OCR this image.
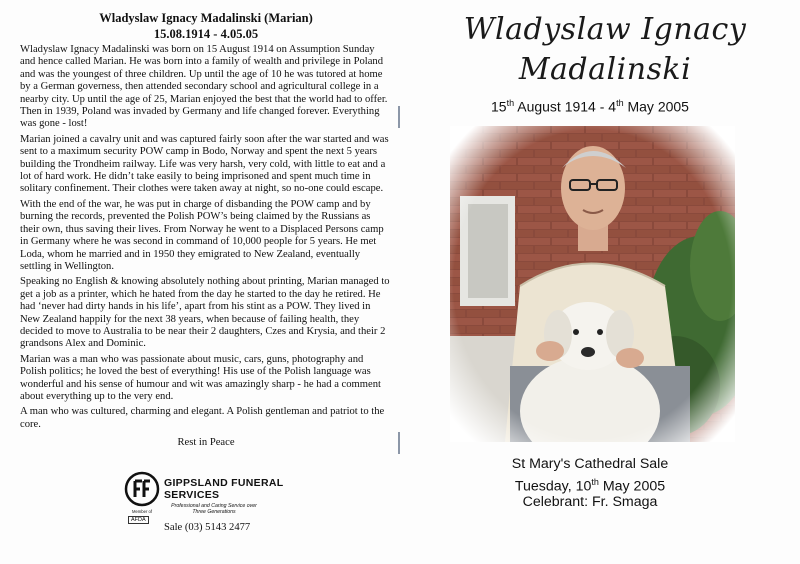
Wladyslaw Ignacy Madalinski (Marian)
15.08.1914 - 4.05.05

Wladyslaw Ignacy Madalinski was born on 15 August 1914 on Assumption Sunday and hence called Marian. He was born into a family of wealth and privilege in Poland and was the youngest of three children. Up until the age of 10 he was tutored at home by a German governess, then attended secondary school and agricultural college in a nearby city. Up until the age of 25, Marian enjoyed the best that the world had to offer. Then in 1939, Poland was invaded by Germany and life changed forever. Everything was gone - lost!

Marian joined a cavalry unit and was captured fairly soon after the war started and was sent to a maximum security POW camp in Bodo, Norway and spent the next 5 years building the Trondheim railway. Life was very harsh, very cold, with little to eat and a lot of hard work. He didn’t take easily to being imprisoned and spent much time in solitary confinement. Their clothes were taken away at night, so no-one could escape.

With the end of the war, he was put in charge of disbanding the POW camp and by burning the records, prevented the Polish POW’s being claimed by the Russians as their own, thus saving their lives. From Norway he went to a Displaced Persons camp in Germany where he was second in command of 10,000 people for 5 years. He met Loda, whom he married and in 1950 they emigrated to New Zealand, eventually settling in Wellington.

Speaking no English & knowing absolutely nothing about printing, Marian managed to get a job as a printer, which he hated from the day he started to the day he retired. He had ‘never had dirty hands in his life’, apart from his stint as a POW. They lived in New Zealand happily for the next 38 years, when because of failing health, they decided to move to Australia to be near their 2 daughters, Czes and Krysia, and their 2 grandsons Alex and Dominic.

Marian was a man who was passionate about music, cars, guns, photography and Polish politics; he loved the best of everything! His use of the Polish language was wonderful and his sense of humour and wit was amazingly sharp - he had a comment about everything up to the very end.

A man who was cultured, charming and elegant. A Polish gentleman and patriot to the core.

Rest in Peace
GIPPSLAND FUNERAL
SERVICES
Professional and Caring Service over Three Generations
Member of
AFDA
Sale (03) 5143 2477
Wladyslaw Ignacy
Madalinski
15th August 1914 - 4th May 2005
St Mary's Cathedral Sale
Tuesday, 10th May 2005
Celebrant: Fr. Smaga
